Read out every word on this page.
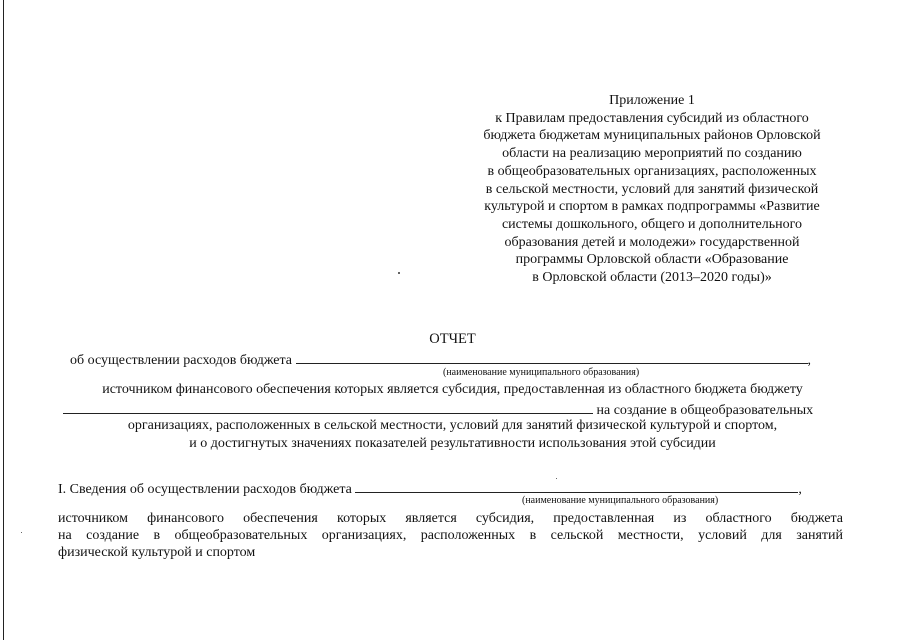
Приложение 1
к Правилам предоставления субсидий из областного
бюджета бюджетам муниципальных районов Орловской
области на реализацию мероприятий по созданию
в общеобразовательных организациях, расположенных
в сельской местности, условий для занятий физической
культурой и спортом в рамках подпрограммы «Развитие
системы дошкольного, общего и дополнительного
образования детей и молодежи» государственной
программы Орловской области «Образование
в Орловской области (2013–2020 годы)»
ОТЧЕТ
об осуществлении расходов бюджета	,
(наименование муниципального образования)
источником финансового обеспечения которых является субсидия, предоставленная из областного бюджета бюджету
на создание в общеобразовательных
организациях, расположенных в сельской местности, условий для занятий физической культурой и спортом,
и о достигнутых значениях показателей результативности использования этой субсидии
I. Сведения об осуществлении расходов бюджета	,
(наименование муниципального образования)
источником финансового обеспечения которых является субсидия, предоставленная из областного бюджета
на создание в общеобразовательных организациях, расположенных в сельской местности, условий для занятий
физической культурой и спортом
